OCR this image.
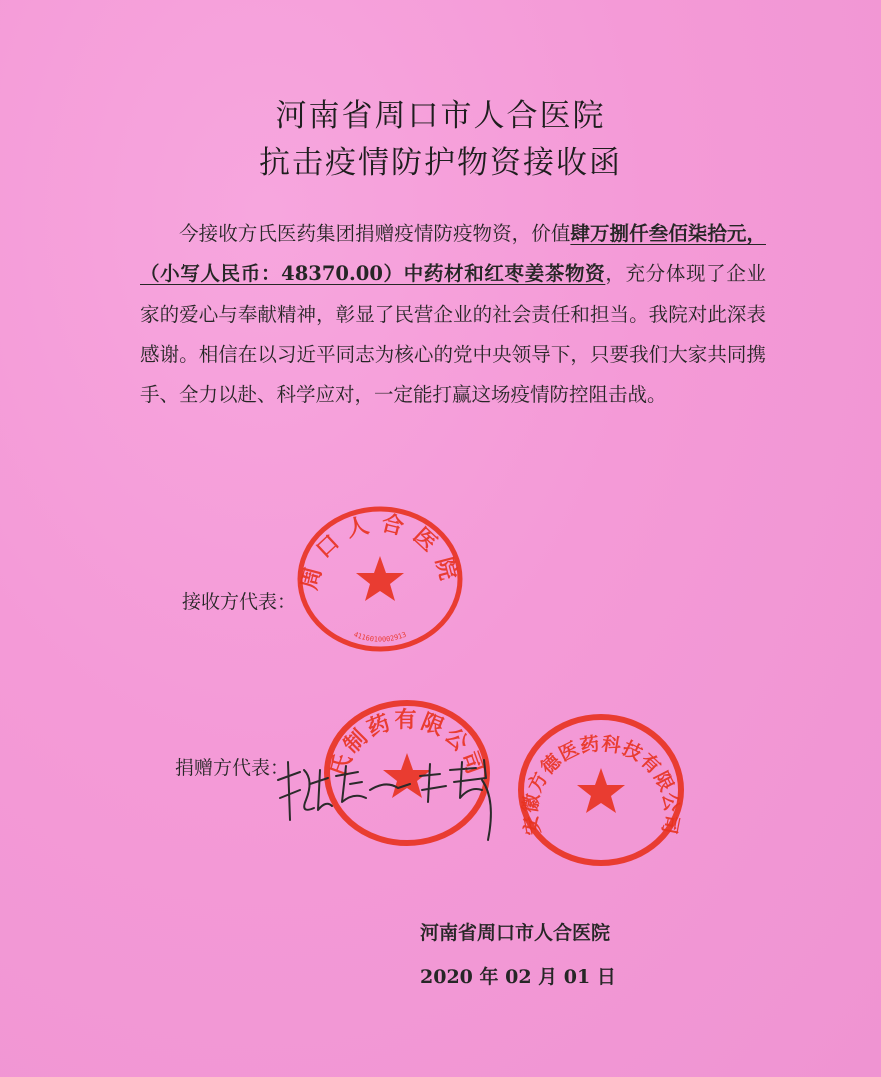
河南省周口市人合医院
抗击疫情防护物资接收函
今接收方氏医药集团捐赠疫情防疫物资，价值肆万捌仟叁佰柒拾元，（小写人民币：48370.00）中药材和红枣姜茶物资，充分体现了企业家的爱心与奉献精神，彰显了民营企业的社会责任和担当。我院对此深表感谢。相信在以习近平同志为核心的党中央领导下，只要我们大家共同携手、全力以赴、科学应对，一定能打赢这场疫情防控阻击战。
周口人合医院
4116010002913
氏制药有限公司
安徽方德医药科技有限公司
接收方代表：
捐赠方代表：
河南省周口市人合医院
2020 年 02 月 01 日
